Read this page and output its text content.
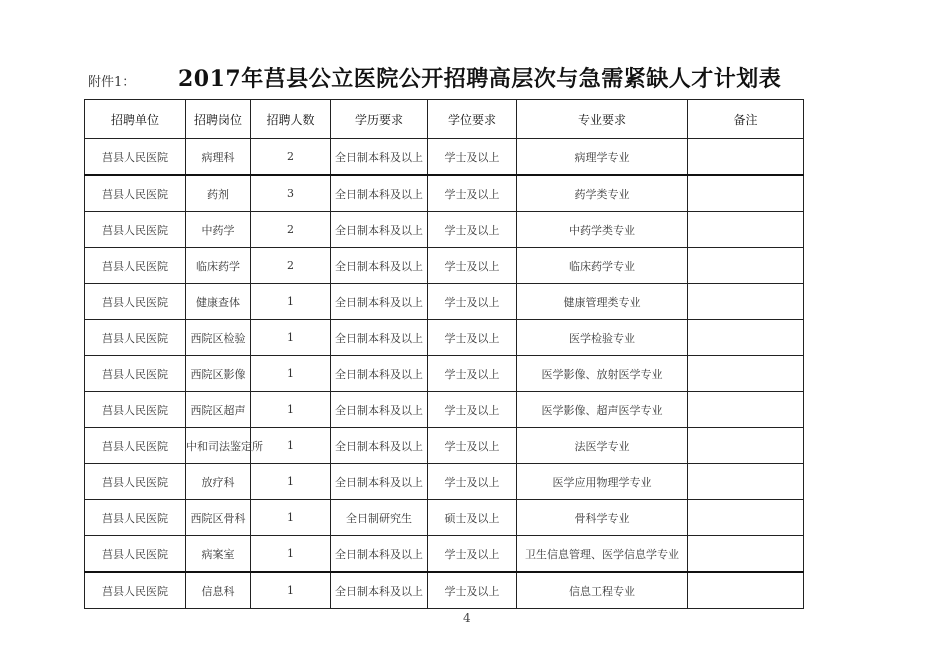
附件1： 2017年莒县公立医院公开招聘高层次与急需紧缺人才计划表
招聘单位	招聘岗位	招聘人数	学历要求	学位要求	专业要求	备注
莒县人民医院	病理科	2	全日制本科及以上	学士及以上	病理学专业	
莒县人民医院	药剂	3	全日制本科及以上	学士及以上	药学类专业	
莒县人民医院	中药学	2	全日制本科及以上	学士及以上	中药学类专业	
莒县人民医院	临床药学	2	全日制本科及以上	学士及以上	临床药学专业	
莒县人民医院	健康查体	1	全日制本科及以上	学士及以上	健康管理类专业	
莒县人民医院	西院区检验	1	全日制本科及以上	学士及以上	医学检验专业	
莒县人民医院	西院区影像	1	全日制本科及以上	学士及以上	医学影像、放射医学专业	
莒县人民医院	西院区超声	1	全日制本科及以上	学士及以上	医学影像、超声医学专业	
莒县人民医院	中和司法鉴定所	1	全日制本科及以上	学士及以上	法医学专业	
莒县人民医院	放疗科	1	全日制本科及以上	学士及以上	医学应用物理学专业	
莒县人民医院	西院区骨科	1	全日制研究生	硕士及以上	骨科学专业	
莒县人民医院	病案室	1	全日制本科及以上	学士及以上	卫生信息管理、医学信息学专业	
莒县人民医院	信息科	1	全日制本科及以上	学士及以上	信息工程专业	
4
